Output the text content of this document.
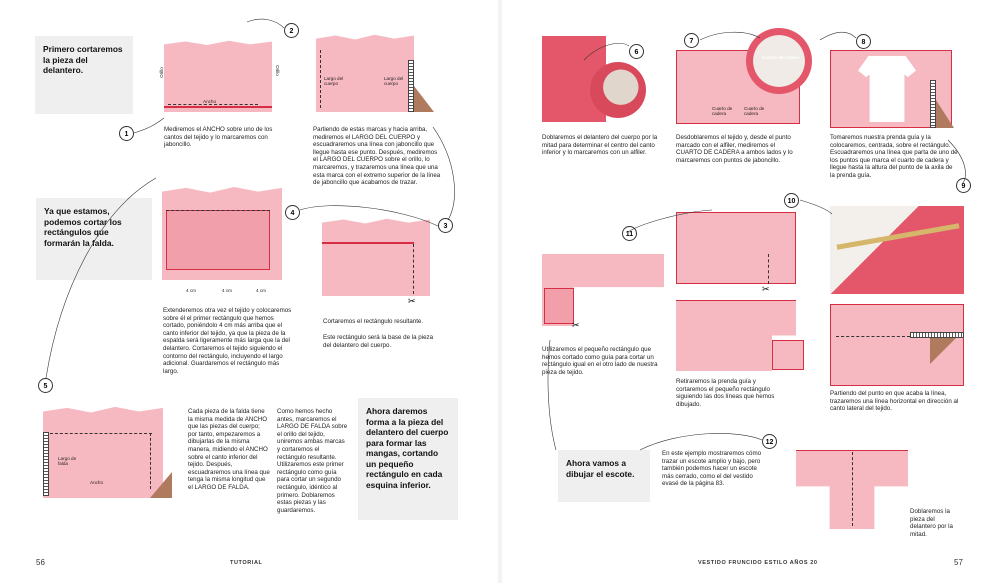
Primero cortaremos la pieza del delantero.	Orillo	Orillo
Ancho
1
Mediremos el ANCHO sobre uno de los cantos del tejido y lo marcaremos con jaboncillo.
2
Largo del cuerpo
Largo del cuerpo
Partiendo de estas marcas y hacia arriba, mediremos el LARGO DEL CUERPO y escuadraremos una línea con jaboncillo que llegue hasta ese punto. Después, mediremos el LARGO DEL CUERPO sobre el orillo, lo marcaremos, y trazaremos una línea que una esta marca con el extremo superior de la línea de jaboncillo que acabamos de trazar.
Ya que estamos, podemos cortar los rectángulos que formarán la falda.
4
4 cm	4 cm	4 cm
Extenderemos otra vez el tejido y colocaremos sobre él el primer rectángulo que hemos cortado, poniéndolo 4 cm más arriba que el canto inferior del tejido, ya que la pieza de la espalda será ligeramente más larga que la del delantero. Cortaremos el tejido siguiendo el contorno del rectángulo, incluyendo el largo adicional. Guardaremos el rectángulo más largo.
3
✂
Cortaremos el rectángulo resultante.
Este rectángulo será la base de la pieza del delantero del cuerpo.
5
Largo de falda
Ancho
Cada pieza de la falda tiene la misma medida de ANCHO que las piezas del cuerpo; por tanto, empezaremos a dibujarlas de la misma manera, midiendo el ANCHO sobre el canto inferior del tejido. Después, escuadraremos una línea que tenga la misma longitud que el LARGO DE FALDA.
Como hemos hecho antes, marcaremos el LARGO DE FALDA sobre el orillo del tejido, uniremos ambas marcas y cortaremos el rectángulo resultante. Utilizaremos este primer rectángulo como guía para cortar un segundo rectángulo, idéntico al primero. Doblaremos estas piezas y las guardaremos.
Ahora daremos forma a la pieza del delantero del cuerpo para formar las mangas, cortando un pequeño rectángulo en cada esquina inferior.
56	TUTORIAL
6
Doblaremos el delantero del cuerpo por la mitad para determinar el centro del canto inferior y lo marcaremos con un alfiler.
7
Cuarto de cadera
Cuarto de cadera
Cuarto de cadera
Desdoblaremos el tejido y, desde el punto marcado con el alfiler, mediremos el CUARTO DE CADERA a ambos lados y lo marcaremos con puntos de jaboncillo.
8
Tomaremos nuestra prenda guía y la colocaremos, centrada, sobre el rectángulo. Escuadraremos una línea que parta de uno de los puntos que marca el cuarto de cadera y llegue hasta la altura del punto de la axila de la prenda guía.
9
Partiendo del punto en que acaba la línea, trazaremos una línea horizontal en dirección al canto lateral del tejido.
10
✂
Retiraremos la prenda guía y cortaremos el pequeño rectángulo siguiendo las dos líneas que hemos dibujado.
11
✂
Utilizaremos el pequeño rectángulo que hemos cortado como guía para cortar un rectángulo igual en el otro lado de nuestra pieza de tejido.
Ahora vamos a dibujar el escote.
En este ejemplo mostraremos cómo trazar un escote amplio y bajo, pero también podemos hacer un escote más cerrado, como el del vestido evasé de la página 83.
12
Doblaremos la pieza del delantero por la mitad.
57
VESTIDO FRUNCIDO ESTILO AÑOS 20
